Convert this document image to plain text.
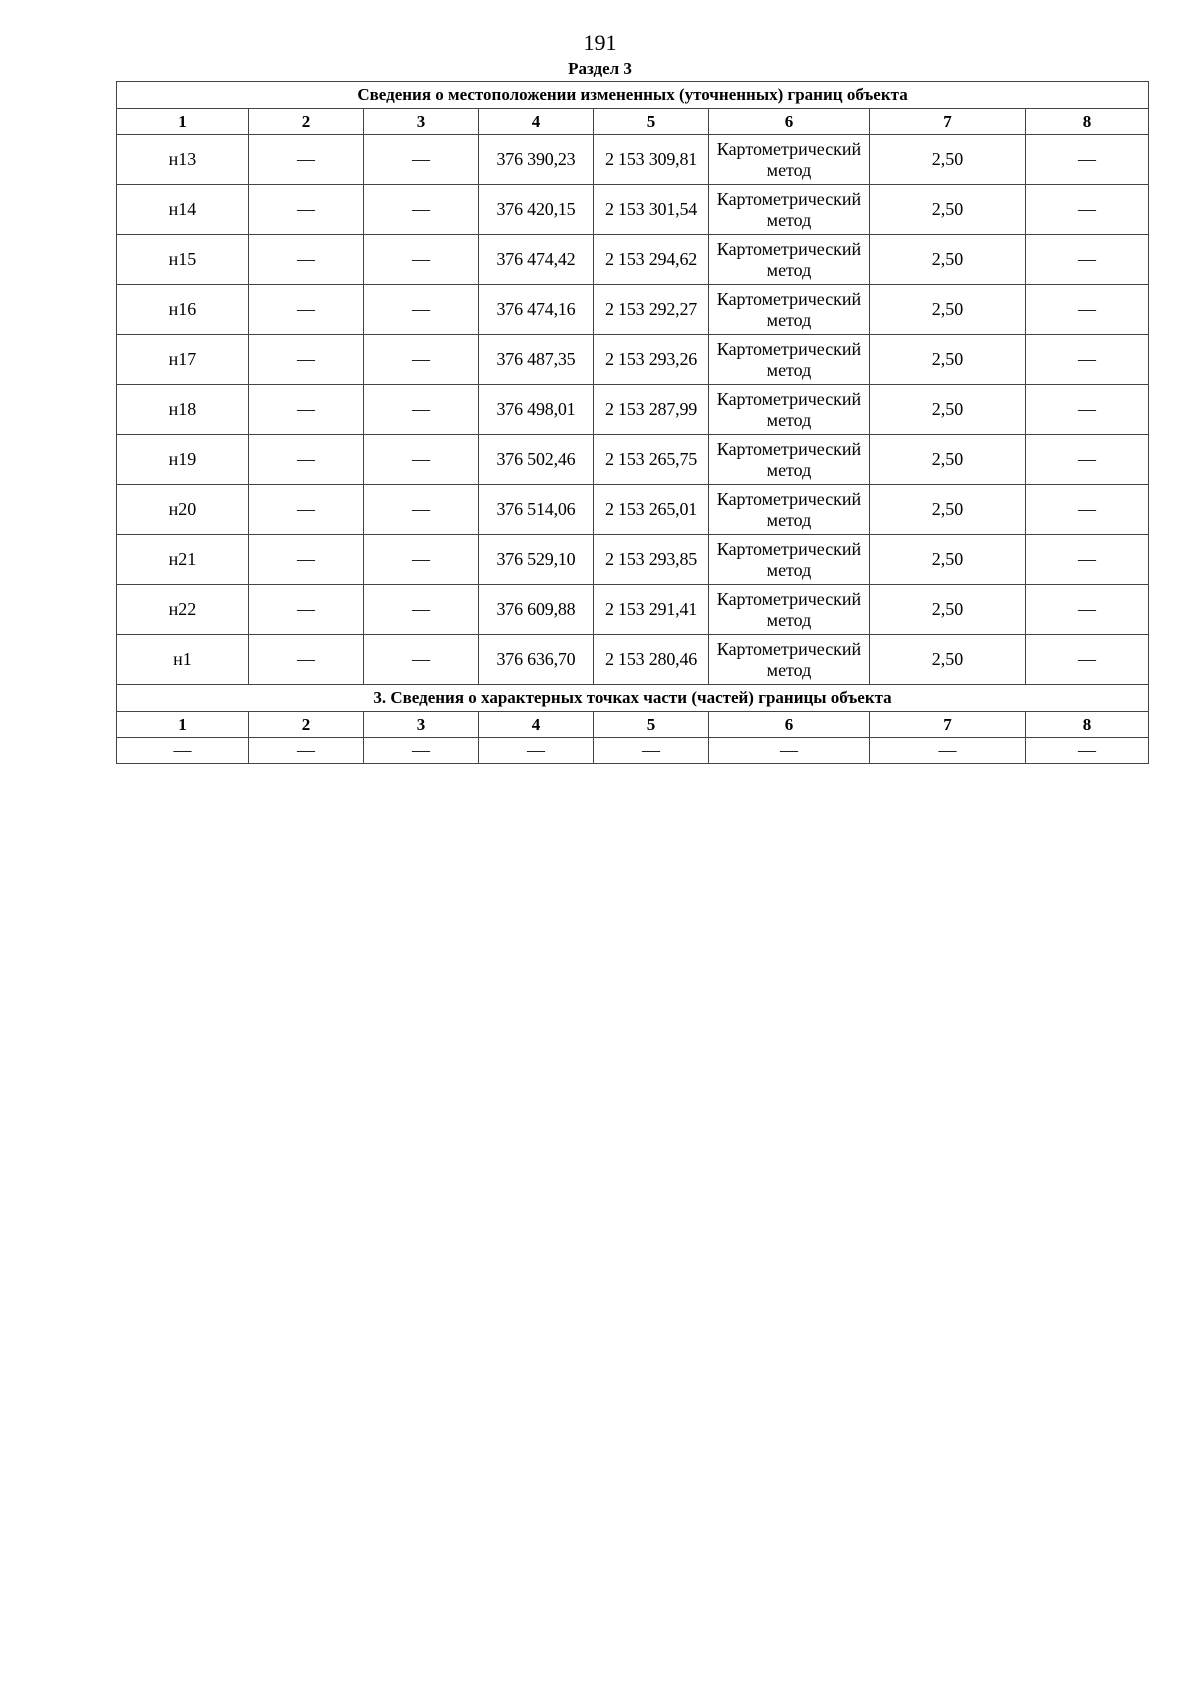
191
Раздел 3
Сведения о местоположении измененных (уточненных) границ объекта							
1	2	3	4	5	6	7	8
н13	—	—	376 390,23	2 153 309,81	Картометрический метод	2,50	—
н14	—	—	376 420,15	2 153 301,54	Картометрический метод	2,50	—
н15	—	—	376 474,42	2 153 294,62	Картометрический метод	2,50	—
н16	—	—	376 474,16	2 153 292,27	Картометрический метод	2,50	—
н17	—	—	376 487,35	2 153 293,26	Картометрический метод	2,50	—
н18	—	—	376 498,01	2 153 287,99	Картометрический метод	2,50	—
н19	—	—	376 502,46	2 153 265,75	Картометрический метод	2,50	—
н20	—	—	376 514,06	2 153 265,01	Картометрический метод	2,50	—
н21	—	—	376 529,10	2 153 293,85	Картометрический метод	2,50	—
н22	—	—	376 609,88	2 153 291,41	Картометрический метод	2,50	—
н1	—	—	376 636,70	2 153 280,46	Картометрический метод	2,50	—
3. Сведения о характерных точках части (частей) границы объекта							
1	2	3	4	5	6	7	8
—	—	—	—	—	—	—	—
